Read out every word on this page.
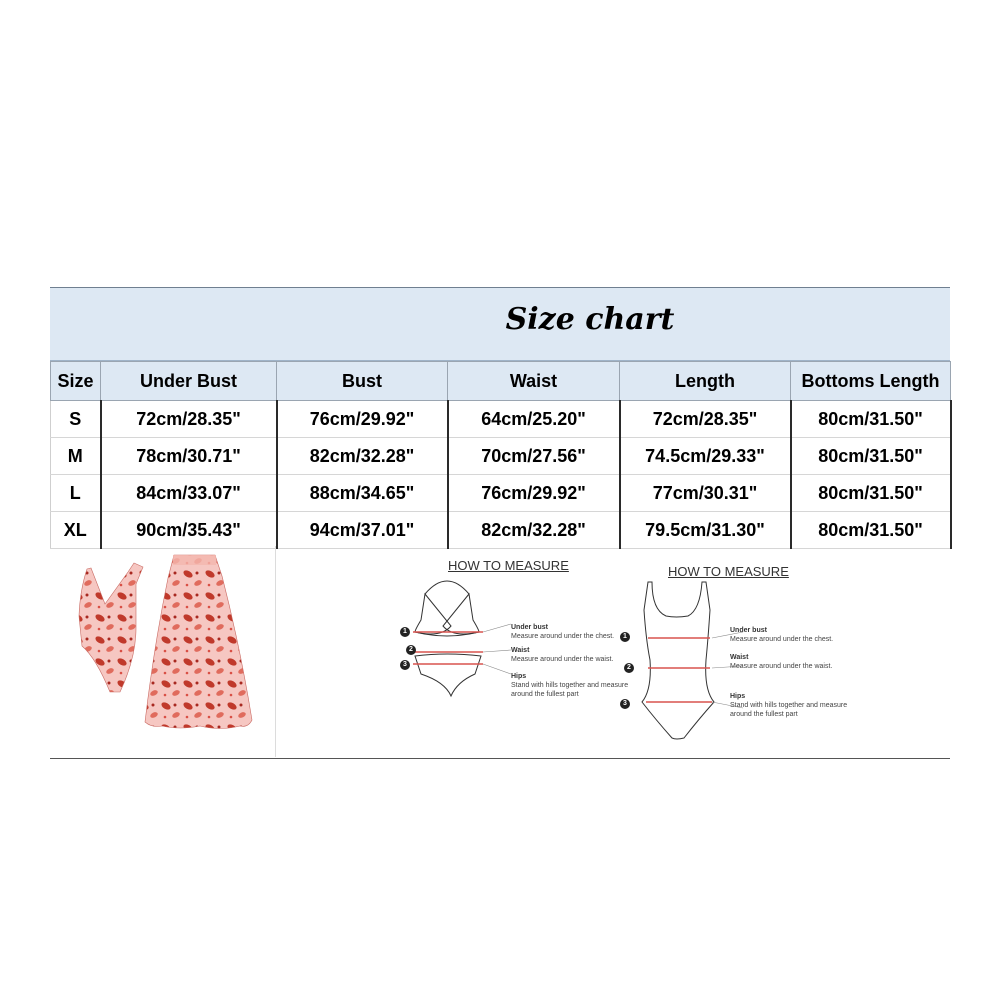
Size chart
Size	Under Bust	Bust	Waist	Length	Bottoms Length
S	72cm/28.35"	76cm/29.92"	64cm/25.20"	72cm/28.35"	80cm/31.50"
M	78cm/30.71"	82cm/32.28"	70cm/27.56"	74.5cm/29.33"	80cm/31.50"
L	84cm/33.07"	88cm/34.65"	76cm/29.92"	77cm/30.31"	80cm/31.50"
XL	90cm/35.43"	94cm/37.01"	82cm/32.28"	79.5cm/31.30"	80cm/31.50"
HOW TO MEASURE
1
2
3
Under bust
Measure around under the chest.
Waist
Measure around under the waist.
Hips
Stand with hills together and measure around the fullest part
HOW TO MEASURE
1
2
3
Under bust
Measure around under the chest.
Waist
Measure around under the waist.
Hips
Stand with hills together and measure around the fullest part
